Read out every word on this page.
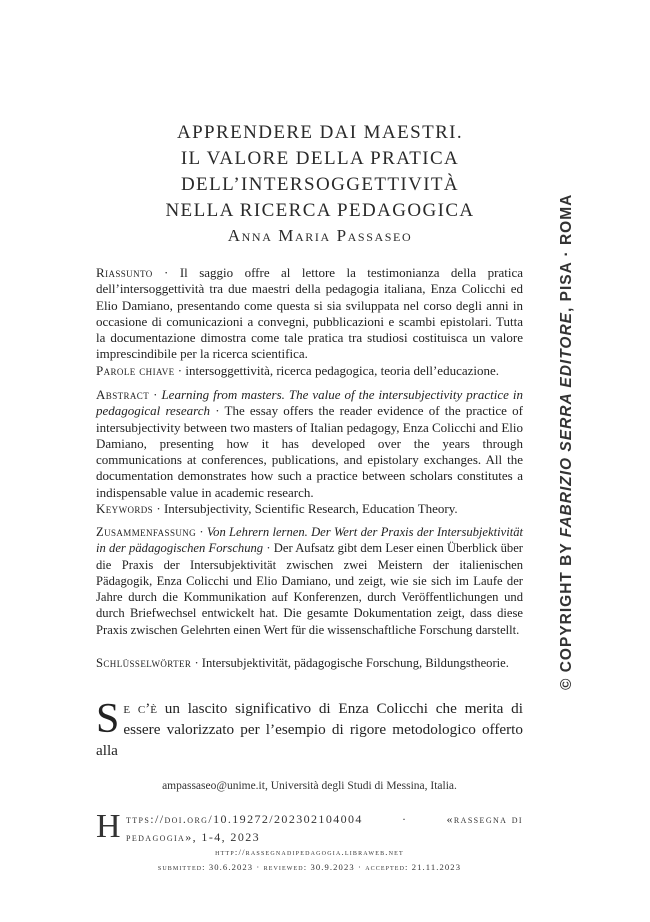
APPRENDERE DAI MAESTRI.
IL VALORE DELLA PRATICA
DELL’INTERSOGGETTIVITÀ
NELLA RICERCA PEDAGOGICA
Anna Maria Passaseo
Riassunto · Il saggio offre al lettore la testimonianza della pratica dell’intersoggettività tra due maestri della pedagogia italiana, Enza Colicchi ed Elio Damiano, presentando come questa si sia sviluppata nel corso degli anni in occasione di comunicazioni a convegni, pubblicazioni e scambi epistolari. Tutta la documentazione dimostra come tale pratica tra studiosi costituisca un valore imprescindibile per la ricerca scientifica.
Parole chiave · intersoggettività, ricerca pedagogica, teoria dell’educazione.
Abstract · Learning from masters. The value of the intersubjectivity practice in pedagogical research · The essay offers the reader evidence of the practice of intersubjectivity between two masters of Italian pedagogy, Enza Colicchi and Elio Damiano, presenting how it has developed over the years through communications at conferences, publications, and epistolary exchanges. All the documentation demonstrates how such a practice between scholars constitutes a indispensable value in academic research.
Keywords · Intersubjectivity, Scientific Research, Education Theory.
Zusammenfassung · Von Lehrern lernen. Der Wert der Praxis der Intersubjektivität in der pädagogischen Forschung · Der Aufsatz gibt dem Leser einen Überblick über die Praxis der Intersubjektivität zwischen zwei Meistern der italienischen Pädagogik, Enza Colicchi und Elio Damiano, und zeigt, wie sie sich im Laufe der Jahre durch die Kommunikation auf Konferenzen, durch Veröffentlichungen und durch Briefwechsel entwickelt hat. Die gesamte Dokumentation zeigt, dass diese Praxis zwischen Gelehrten einen Wert für die wissenschaftliche Forschung darstellt.
Schlüsselwörter · Intersubjektivität, pädagogische Forschung, Bildungstheorie.
Se c’è un lascito significativo di Enza Colicchi che merita di essere valorizzato per l’esempio di rigore metodologico offerto alla
ampassaseo@unime.it, Università degli Studi di Messina, Italia.
H ttps://doi.org/10.19272/202302104004	·	«rassegna di
pedagogia», 1-4, 2023
http://rassegnadipedagogia.libraweb.net
submitted: 30.6.2023 · reviewed: 30.9.2023 · accepted: 21.11.2023
© COPYRIGHT BY FABRIZIO SERRA EDITORE, PISA · ROMA
